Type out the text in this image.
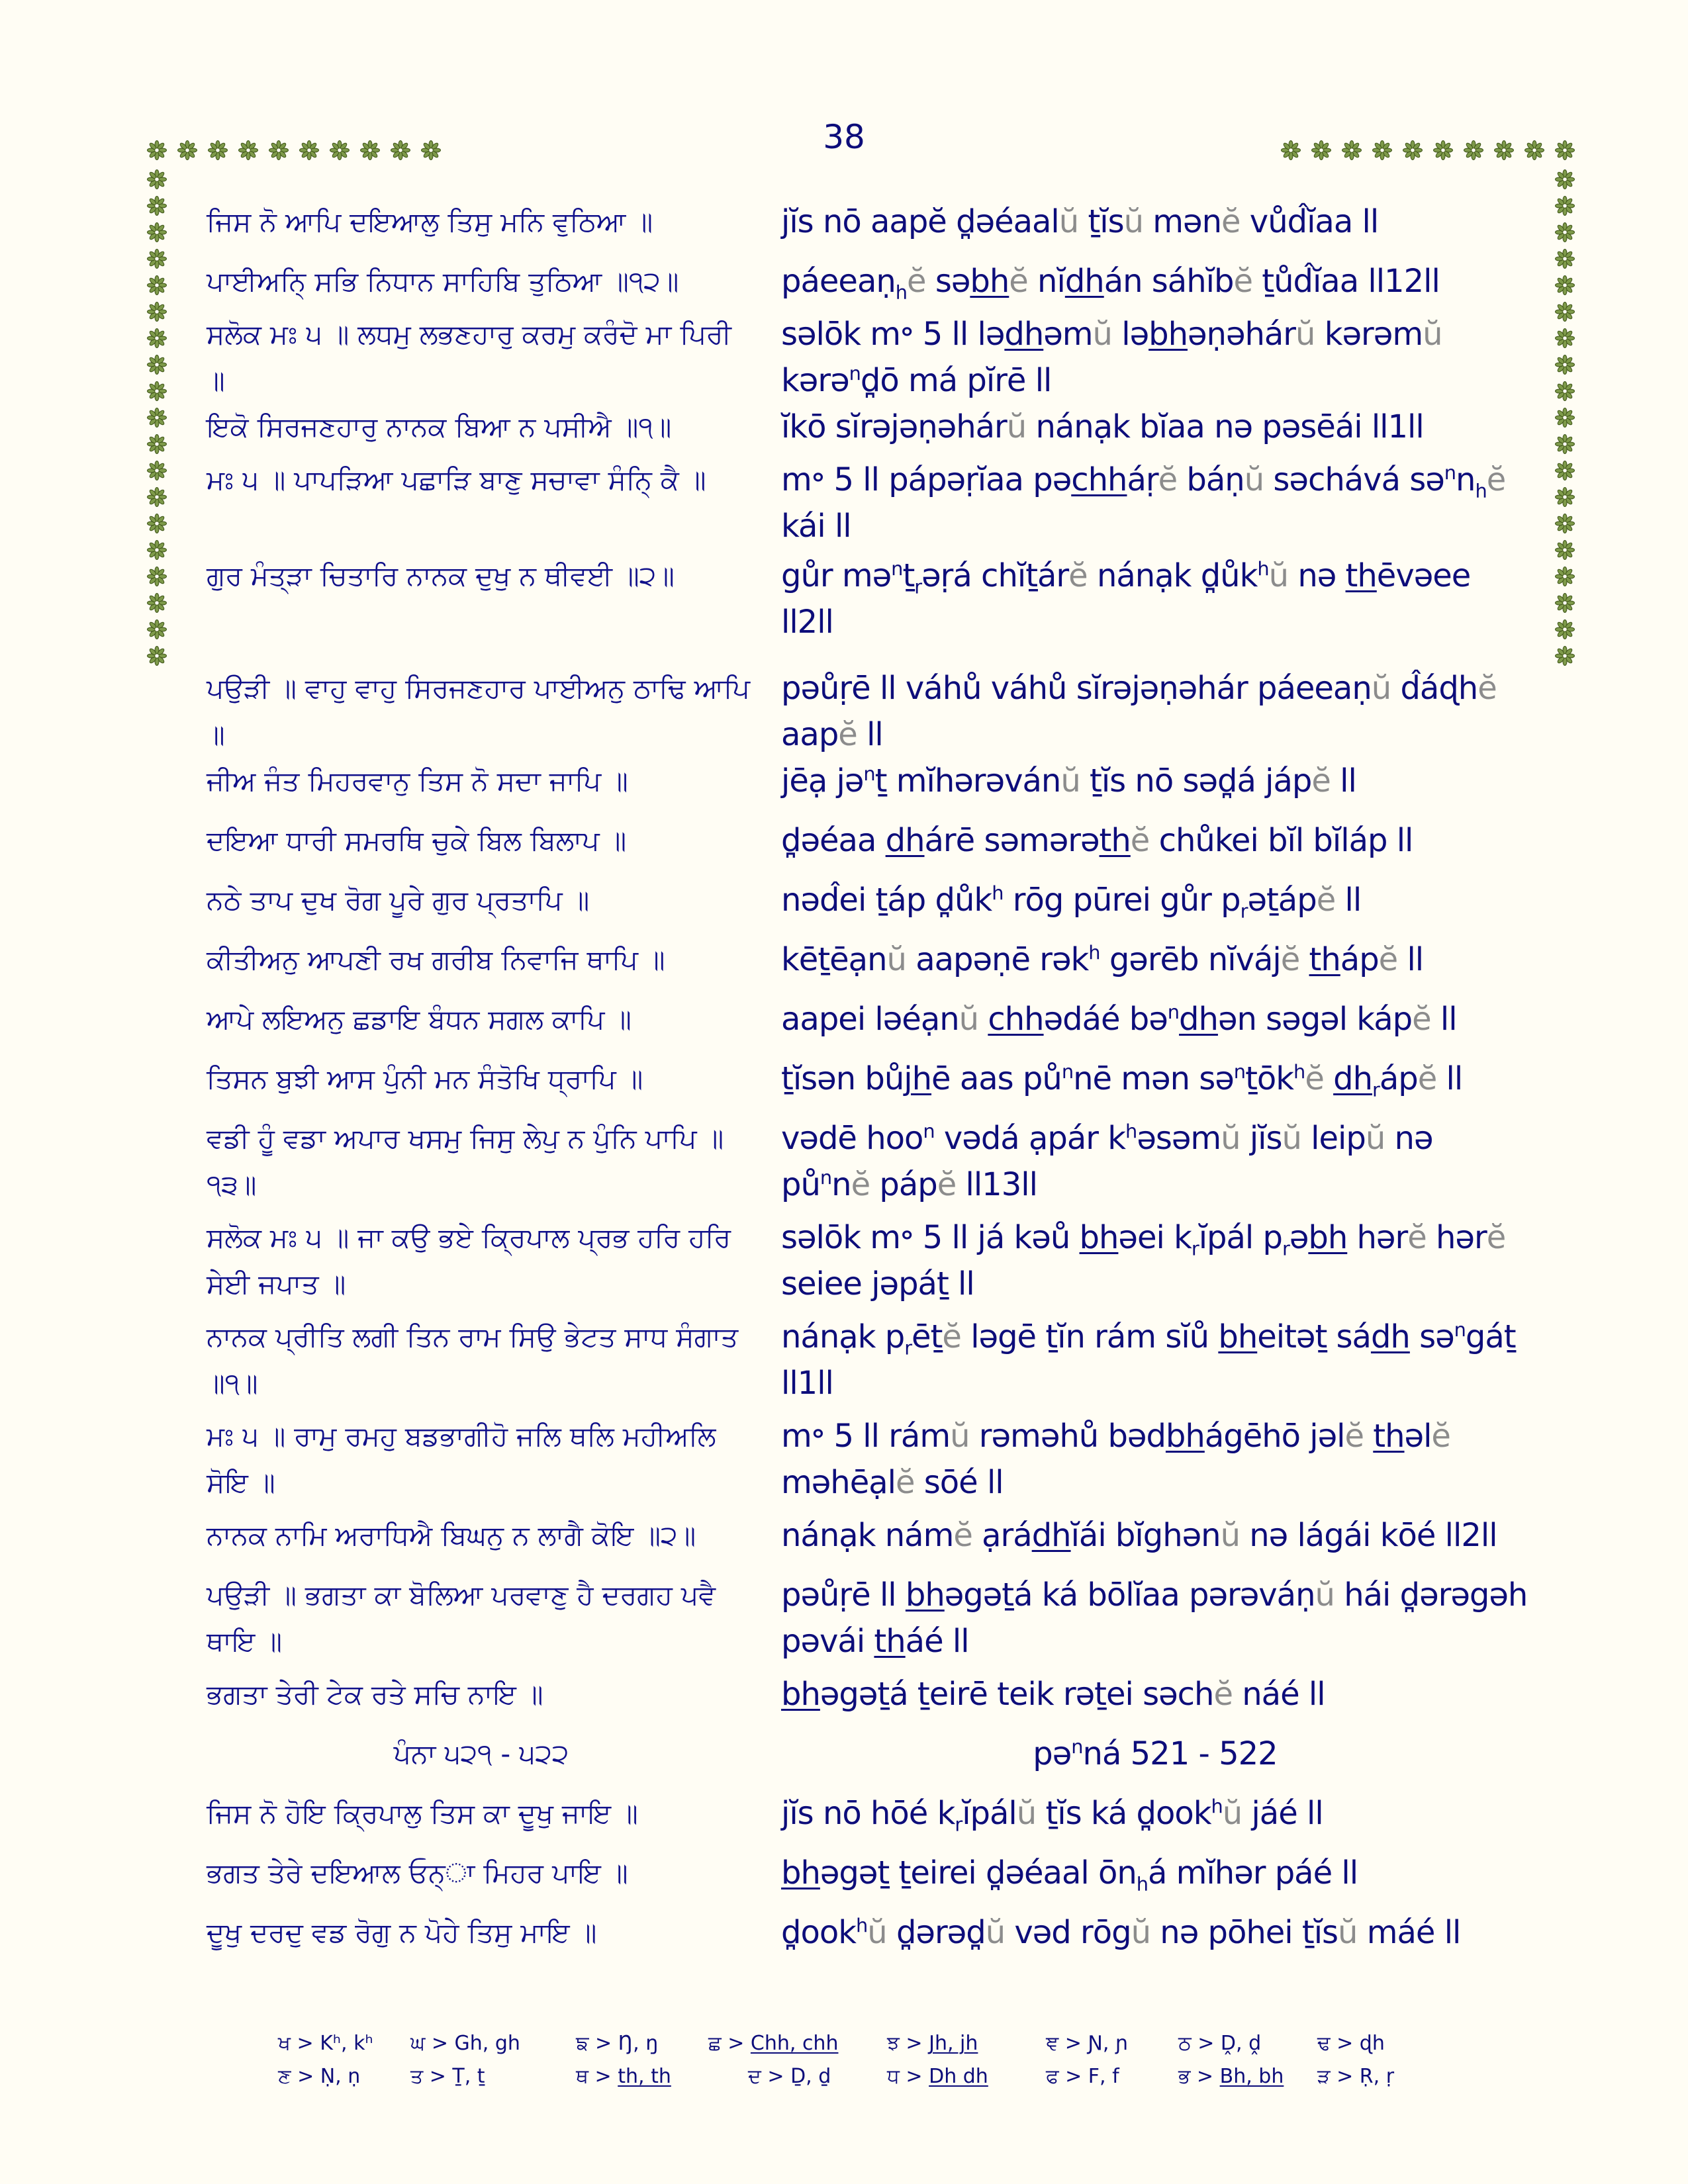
38
ਜਿਸ ਨੋ ਆਪਿ ਦਇਆਲੁ ਤਿਸੁ ਮਨਿ ਵੁਠਿਆ ॥	jĭs nō aapĕ d̪əéaalŭ ṯĭsŭ mənĕ vůd̂ĭaa ll
ਪਾਈਅਨਿ੍ ਸਭਿ ਨਿਧਾਨ ਸਾਹਿਬਿ ਤੁਠਿਆ ॥੧੨॥	páeeaṇ$_h$ĕ səbhĕ nĭdhán sáhĭbĕ ṯůd̂ĭaa ll12ll
ਸਲੋਕ ਮਃ ੫ ॥ ਲਧਮੁ ਲਭਣਹਾਰੁ ਕਰਮੁ ਕਰੰਦੋ ਮਾ ਪਿਰੀ ॥
səlōk m॰ 5 ll lədhəmŭ ləbhəṇəhárŭ kərəmŭ kərə$^n$d̪ō má pĭrē ll
ਇਕੋ ਸਿਰਜਣਹਾਰੁ ਨਾਨਕ ਬਿਆ ਨ ਪਸੀਐ ॥੧॥	ĭkō sĭrəjəṇəhárŭ nánạk bĭaa nə pəsēái ll1ll
ਮਃ ੫ ॥ ਪਾਪੜਿਆ ਪਛਾੜਿ ਬਾਣੁ ਸਚਾਵਾ ਸੰਨਿ੍ ਕੈ ॥	m॰ 5 ll pápəṛĭaa pəchháṛĕ báṇŭ səchává $sə^nn_hĕ$ kái ll
ਗੁਰ ਮੰਤ੍ੜਾ ਚਿਤਾਰਿ ਨਾਨਕ ਦੁਖੁ ਨ ਥੀਵਈ ॥੨॥	gůr mə$^n$ṯ$_r$əṛá chĭṯárĕ nánạk $d̪ůk^hŭ$ nə thēvəee ll2ll
ਪਉੜੀ ॥ ਵਾਹੁ ਵਾਹੁ ਸਿਰਜਣਹਾਰ ਪਾਈਅਨੁ ਠਾਢਿ ਆਪਿ ॥
pəůṛē ll váhů váhů sĭrəjəṇəhár páeeaṇŭ d̂áɖhĕ aapĕ ll
ਜੀਅ ਜੰਤ ਮਿਹਰਵਾਨੁ ਤਿਸ ਨੋ ਸਦਾ ਜਾਪਿ ॥	jēạ jə$^n$ṯ mĭhərəvánŭ ṯĭs nō səd̪á jápĕ ll
ਦਇਆ ਧਾਰੀ ਸਮਰਥਿ ਚੁਕੇ ਬਿਲ ਬਿਲਾਪ ॥	d̪əéaa dhárē səmərəthĕ chůkei bĭl bĭláp ll
ਨਠੇ ਤਾਪ ਦੁਖ ਰੋਗ ਪੂਰੇ ਗੁਰ ਪ੍ਰਤਾਪਿ ॥	nəd̂ei ṯáp $d̪ůk^h$ rōg pūrei gůr $p_rəṯápĕ$ ll
ਕੀਤੀਅਨੁ ਆਪਣੀ ਰਖ ਗਰੀਬ ਨਿਵਾਜਿ ਥਾਪਿ ॥	kēṯēạnŭ aapəṇē rək$^h$ gərēb nĭvájĕ thápĕ ll
ਆਪੇ ਲਇਅਨੁ ਛਡਾਇ ਬੰਧਨ ਸਗਲ ਕਾਪਿ ॥	aapei ləéạnŭ chhədáé bə$^n$dhən səgəl kápĕ ll
ਤਿਸਨ ਬੁਝੀ ਆਸ ਪੁੰਨੀ ਮਨ ਸੰਤੋਖਿ ਧ੍ਰਾਪਿ ॥	ṯĭsən bůjhē aas $pů^nnē$ mən sə$^n$ṯōk$^h$ĕ $dh_rápĕ$ ll
ਵਡੀ ਹੂੰ ਵਡਾ ਅਪਾਰ ਖਸਮੁ ਜਿਸੁ ਲੇਪੁ ਨ ਪੁੰਨਿ ਪਾਪਿ ॥੧੩॥
vədē hoo$^n$ vədá ạpár $k^həsəmŭ$ jĭsŭ leipŭ nə $pů^nnĕ$ pápĕ ll13ll
ਸਲੋਕ ਮਃ ੫ ॥ ਜਾ ਕਉ ਭਏ ਕ੍ਰਿਪਾਲ ਪ੍ਰਭ ਹਰਿ ਹਰਿ ਸੇਈ ਜਪਾਤ ॥
səlōk m॰ 5 ll já kəů bhəei $k_rĭpál$ $p_rəbh$ hərĕ hərĕ seiee jəpáṯ ll
ਨਾਨਕ ਪ੍ਰੀਤਿ ਲਗੀ ਤਿਨ ਰਾਮ ਸਿਉ ਭੇਟਤ ਸਾਧ ਸੰਗਾਤ ॥੧॥
nánạk $p_rēṯĕ$ ləgē ṯĭn rám sĭů bheitəṯ sádh sə$^n$gáṯ ll1ll
ਮਃ ੫ ॥ ਰਾਮੁ ਰਮਹੁ ਬਡਭਾਗੀਹੋ ਜਲਿ ਥਲਿ ਮਹੀਅਲਿ ਸੋਇ ॥
m॰ 5 ll rámŭ rəməhů bədbhágēhō jəlĕ thəlĕ məhēạlĕ sōé ll
ਨਾਨਕ ਨਾਮਿ ਅਰਾਧਿਐ ਬਿਘਨੁ ਨ ਲਾਗੈ ਕੋਇ ॥੨॥	nánạk námĕ ạrádhĭái bĭghənŭ nə lágái kōé ll2ll
ਪਉੜੀ ॥ ਭਗਤਾ ਕਾ ਬੋਲਿਆ ਪਰਵਾਣੁ ਹੈ ਦਰਗਹ ਪਵੈ ਥਾਇ ॥
pəůṛē ll bhəgəṯá ká bōlĭaa pərəváṇŭ hái d̪ərəgəh pəvái tháé ll
ਭਗਤਾ ਤੇਰੀ ਟੇਕ ਰਤੇ ਸਚਿ ਨਾਇ ॥	bhəgəṯá ṯeirē teik rəṯei səchĕ náé ll
ਪੰਨਾ ੫੨੧ - ੫੨੨	pə$^n$ná 521 - 522
ਜਿਸ ਨੋ ਹੋਇ ਕ੍ਰਿਪਾਲੁ ਤਿਸ ਕਾ ਦੂਖੁ ਜਾਇ ॥	jĭs nō hōé $k_rĭpálŭ$ ṯĭs ká d̪ook$^h$ŭ jáé ll
ਭਗਤ ਤੇਰੇ ਦਇਆਲ ਓਨ੍ਾ ਮਿਹਰ ਪਾਇ ॥	bhəgəṯ ṯeirei d̪əéaal $ōn_há$ mĭhər páé ll
ਦੂਖੁ ਦਰਦੁ ਵਡ ਰੋਗੁ ਨ ਪੋਹੇ ਤਿਸੁ ਮਾਇ ॥	d̪ook$^h$ŭ d̪ərəd̪ŭ vəd rōgŭ nə pōhei ṯĭsŭ máé ll
ਖ > Kʰ, kʰ ਘ > Gh, gh	ਙ > Ŋ, ŋ	ਛ > Chh, chh ਝ > Jh, jh	ਞ > Ɲ, ɲ	ਠ > Ḓ, ḓ	ਢ > ɖh
ਣ > Ṇ, ṇ	ਤ > Ṯ, ṯ	ਥ > th, th	ਦ > Ḏ, ḏ	ਧ > Dh dh	ਫ > F, f	ਭ > Bh, bh ੜ > Ṛ, ṛ
